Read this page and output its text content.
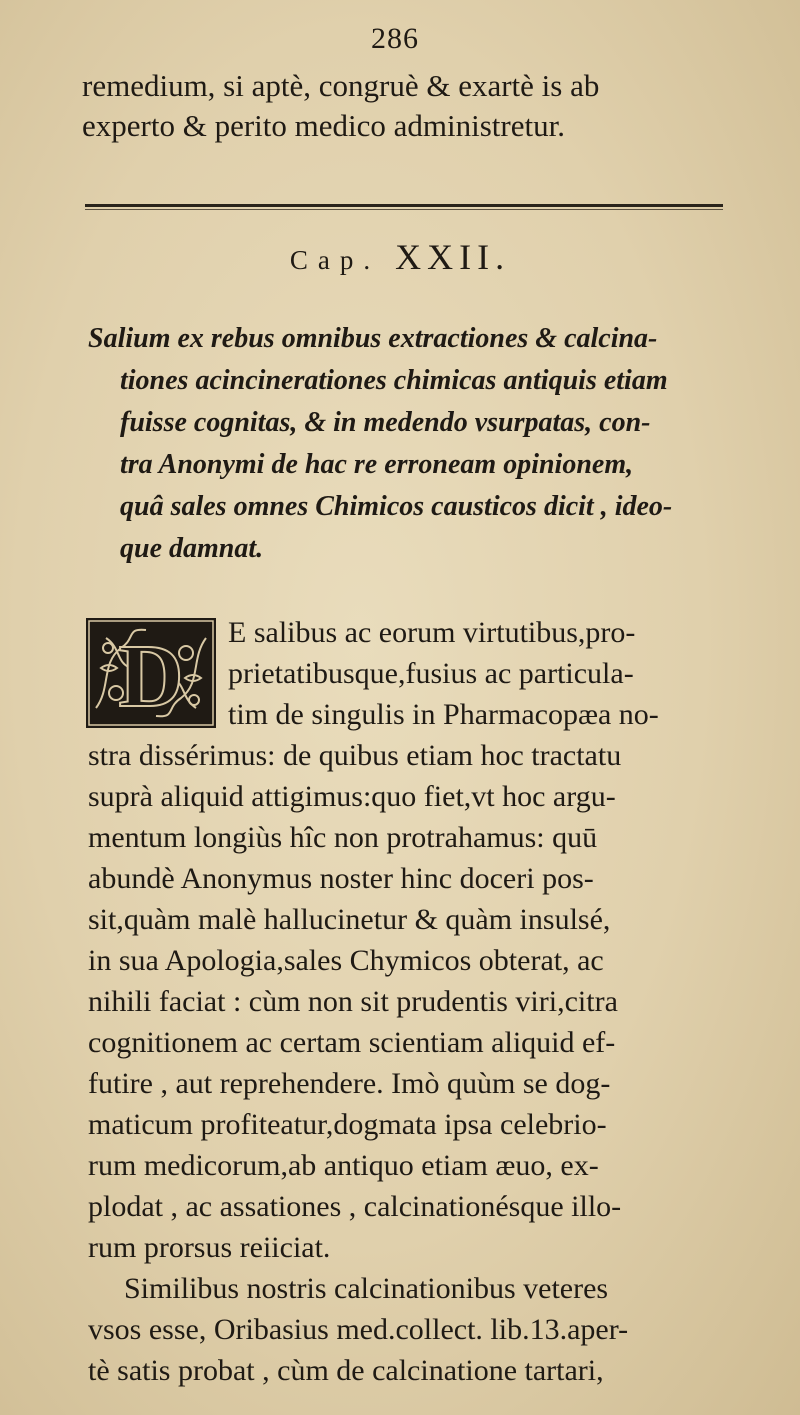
286
remedium, si aptè, congruè & exartè is ab
experto & perito medico administretur.
Cap. XXII.
Salium ex rebus omnibus extractiones & calcina-
tiones acincinerationes chimicas antiquis etiam
fuisse cognitas, & in medendo vsurpatas, con-
tra Anonymi de hac re erroneam opinionem,
quâ sales omnes Chimicos causticos dicit , ideo-
que damnat.
D E salibus ac eorum virtutibus,pro-
prietatibusque,fusius ac particula-
tim de singulis in Pharmacopæa no-
stra dissérimus: de quibus etiam hoc tractatu
suprà aliquid attigimus:quo fiet,vt hoc argu-
mentum longiùs hîc non protrahamus: quū
abundè Anonymus noster hinc doceri pos-
sit,quàm malè hallucinetur & quàm insulsé,
in sua Apologia,sales Chymicos obterat, ac
nihili faciat : cùm non sit prudentis viri,citra
cognitionem ac certam scientiam aliquid ef-
futire , aut reprehendere. Imò quùm se dog-
maticum profiteatur,dogmata ipsa celebrio-
rum medicorum,ab antiquo etiam æuo, ex-
plodat , ac assationes , calcinationésque illo-
rum prorsus reiiciat.
Similibus nostris calcinationibus veteres
vsos esse, Oribasius med.collect. lib.13.aper-
tè satis probat , cùm de calcinatione tartari,
